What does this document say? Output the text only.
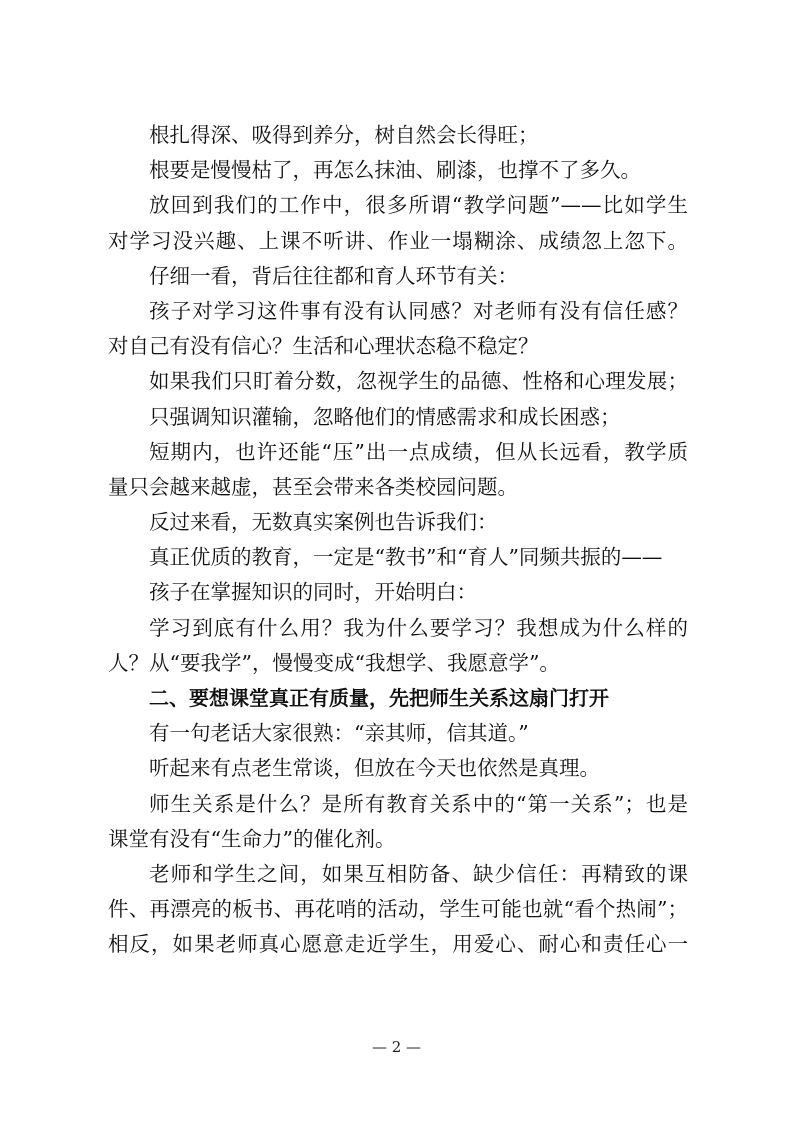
根扎得深、吸得到养分，树自然会长得旺；
根要是慢慢枯了，再怎么抹油、刷漆，也撑不了多久。
放回到我们的工作中，很多所谓“教学问题”——比如学生
对学习没兴趣、上课不听讲、作业一塌糊涂、成绩忽上忽下。
仔细一看，背后往往都和育人环节有关：
孩子对学习这件事有没有认同感？对老师有没有信任感？
对自己有没有信心？生活和心理状态稳不稳定？
如果我们只盯着分数，忽视学生的品德、性格和心理发展；
只强调知识灌输，忽略他们的情感需求和成长困惑；
短期内，也许还能“压”出一点成绩，但从长远看，教学质
量只会越来越虚，甚至会带来各类校园问题。
反过来看，无数真实案例也告诉我们：
真正优质的教育，一定是“教书”和“育人”同频共振的——
孩子在掌握知识的同时，开始明白：
学习到底有什么用？我为什么要学习？我想成为什么样的
人？从“要我学”，慢慢变成“我想学、我愿意学”。
二、要想课堂真正有质量，先把师生关系这扇门打开
有一句老话大家很熟：“亲其师，信其道。”
听起来有点老生常谈，但放在今天也依然是真理。
师生关系是什么？是所有教育关系中的“第一关系”；也是
课堂有没有“生命力”的催化剂。
老师和学生之间，如果互相防备、缺少信任：再精致的课
件、再漂亮的板书、再花哨的活动，学生可能也就“看个热闹”；
相反，如果老师真心愿意走近学生，用爱心、耐心和责任心一
— 2 —
